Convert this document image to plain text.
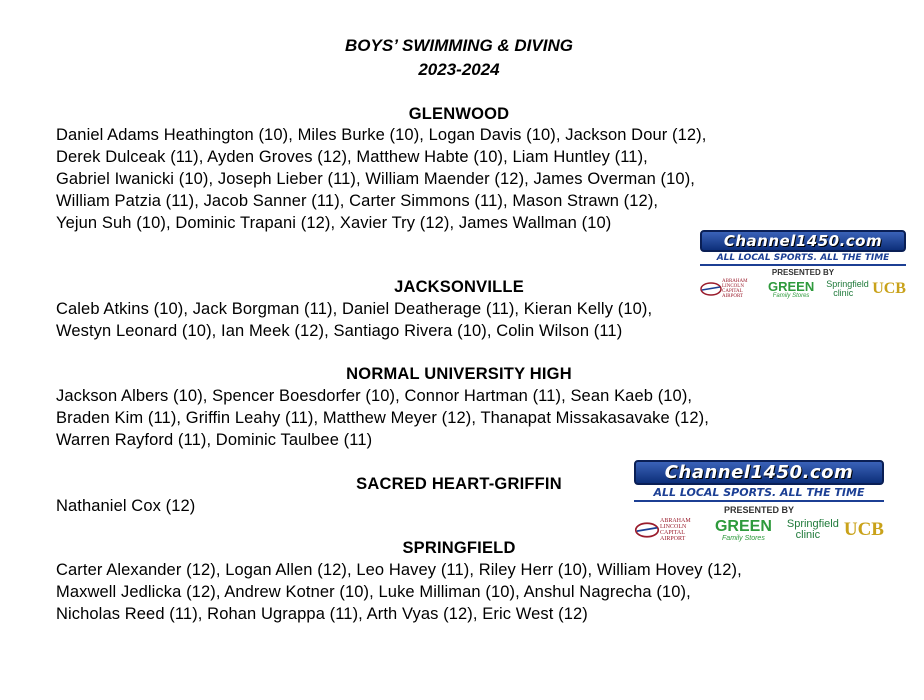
BOYS’ SWIMMING & DIVING
2023-2024
GLENWOOD
Daniel Adams Heathington (10), Miles Burke (10), Logan Davis (10), Jackson Dour (12),
Derek Dulceak (11), Ayden Groves (12), Matthew Habte (10), Liam Huntley (11),
Gabriel Iwanicki (10), Joseph Lieber (11), William Maender (12), James Overman (10),
William Patzia (11), Jacob Sanner (11), Carter Simmons (11), Mason Strawn (12),
Yejun Suh (10), Dominic Trapani (12), Xavier Try (12), James Wallman (10)
JACKSONVILLE
Caleb Atkins (10), Jack Borgman (11), Daniel Deatherage (11), Kieran Kelly (10),
Westyn Leonard (10), Ian Meek (12), Santiago Rivera (10), Colin Wilson (11)
NORMAL UNIVERSITY HIGH
Jackson Albers (10), Spencer Boesdorfer (10), Connor Hartman (11), Sean Kaeb (10),
Braden Kim (11), Griffin Leahy (11), Matthew Meyer (12), Thanapat Missakasavake (12),
Warren Rayford (11), Dominic Taulbee (11)
SACRED HEART-GRIFFIN
Nathaniel Cox (12)
SPRINGFIELD
Carter Alexander (12), Logan Allen (12), Leo Havey (11), Riley Herr (10), William Hovey (12),
Maxwell Jedlicka (12), Andrew Kotner (10), Luke Milliman (10), Anshul Nagrecha (10),
Nicholas Reed (11), Rohan Ugrappa (11), Arth Vyas (12), Eric West (12)
Channel1450.com
ALL LOCAL SPORTS. ALL THE TIME
PRESENTED BY
ABRAHAM LINCOLN CAPITAL AIRPORT
GREEN
Family Stores
Springfield clinic	UCB
Channel1450.com
ALL LOCAL SPORTS. ALL THE TIME
PRESENTED BY
ABRAHAM LINCOLN CAPITAL AIRPORT
GREEN
Family Stores
Springfield clinic	UCB
